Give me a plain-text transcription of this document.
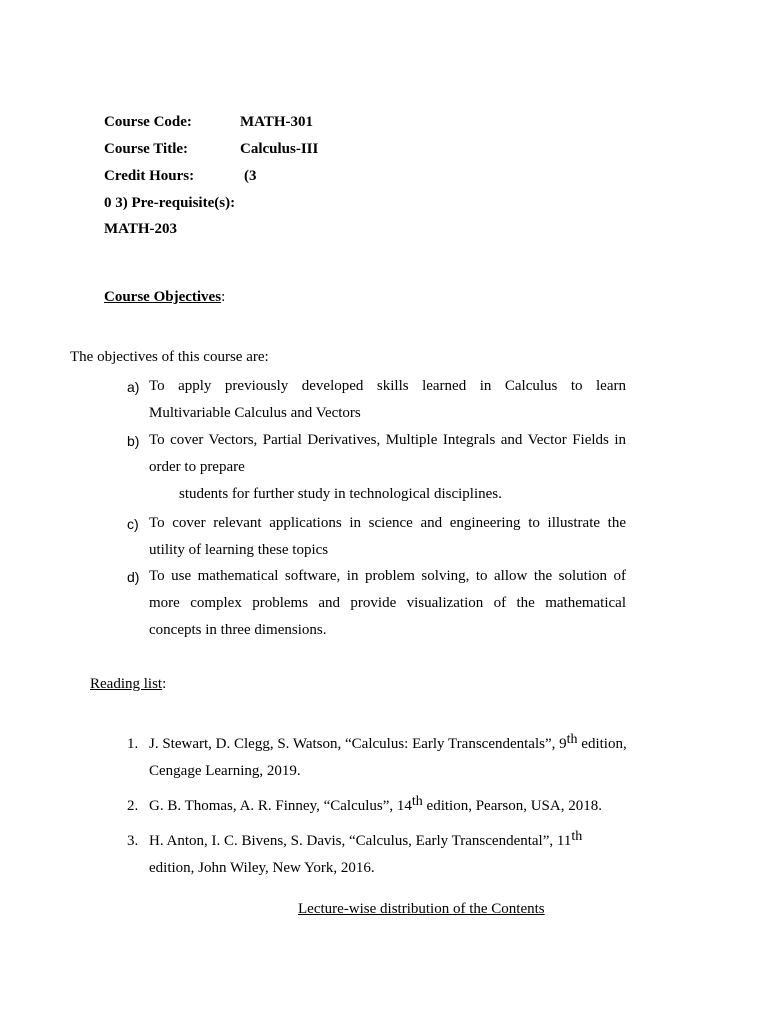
Course Code:	MATH-301
Course Title:	Calculus-III
Credit Hours:	(3
0 3) Pre-requisite(s):
MATH-203
Course Objectives:
The objectives of this course are:
a) To apply previously developed skills learned in Calculus to learn
Multivariable Calculus and Vectors
b) To cover Vectors, Partial Derivatives, Multiple Integrals and Vector Fields in
order to prepare
students for further study in technological disciplines.
c) To cover relevant applications in science and engineering to illustrate the
utility of learning these topics
d) To use mathematical software, in problem solving, to allow the solution of
more complex problems and provide visualization of the mathematical
concepts in three dimensions.
Reading list:
1. J. Stewart, D. Clegg, S. Watson, “Calculus: Early Transcendentals”, 9th edition,
Cengage Learning, 2019.
2. G. B. Thomas, A. R. Finney, “Calculus”, 14th edition, Pearson, USA, 2018.
3. H. Anton, I. C. Bivens, S. Davis, “Calculus, Early Transcendental”, 11th
edition, John Wiley, New York, 2016.
Lecture-wise distribution of the Contents
